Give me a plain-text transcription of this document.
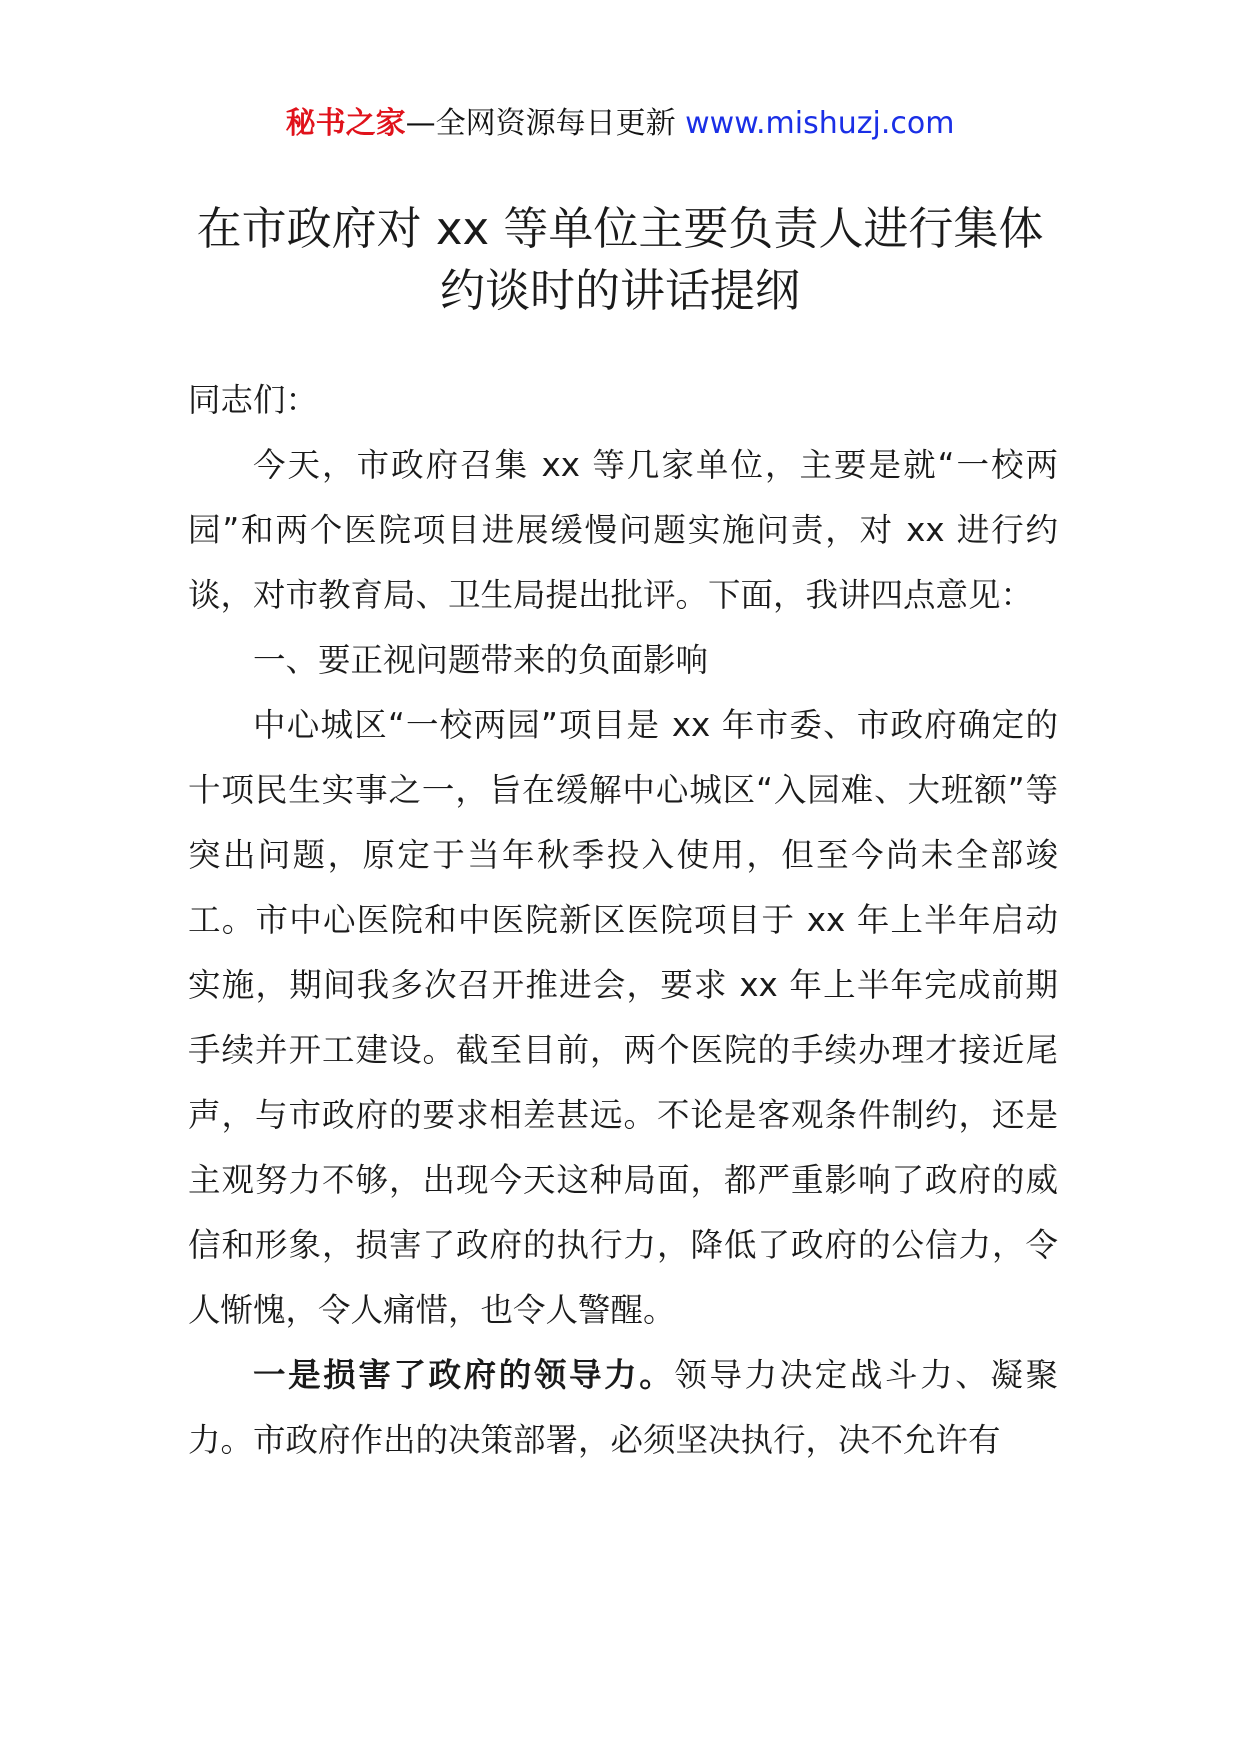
秘书之家—全网资源每日更新 www.mishuzj.com
在市政府对 xx 等单位主要负责人进行集体
约谈时的讲话提纲

同志们：

今天，市政府召集 xx 等几家单位，主要是就“一校两园”和两个医院项目进展缓慢问题实施问责，对 xx 进行约谈，对市教育局、卫生局提出批评。下面，我讲四点意见：

一、要正视问题带来的负面影响

中心城区“一校两园”项目是 xx 年市委、市政府确定的十项民生实事之一，旨在缓解中心城区“入园难、大班额”等突出问题，原定于当年秋季投入使用，但至今尚未全部竣工。市中心医院和中医院新区医院项目于 xx 年上半年启动实施，期间我多次召开推进会，要求 xx 年上半年完成前期手续并开工建设。截至目前，两个医院的手续办理才接近尾声，与市政府的要求相差甚远。不论是客观条件制约，还是主观努力不够，出现今天这种局面，都严重影响了政府的威信和形象，损害了政府的执行力，降低了政府的公信力，令人惭愧，令人痛惜，也令人警醒。

一是损害了政府的领导力。领导力决定战斗力、凝聚力。市政府作出的决策部署，必须坚决执行，决不允许有
